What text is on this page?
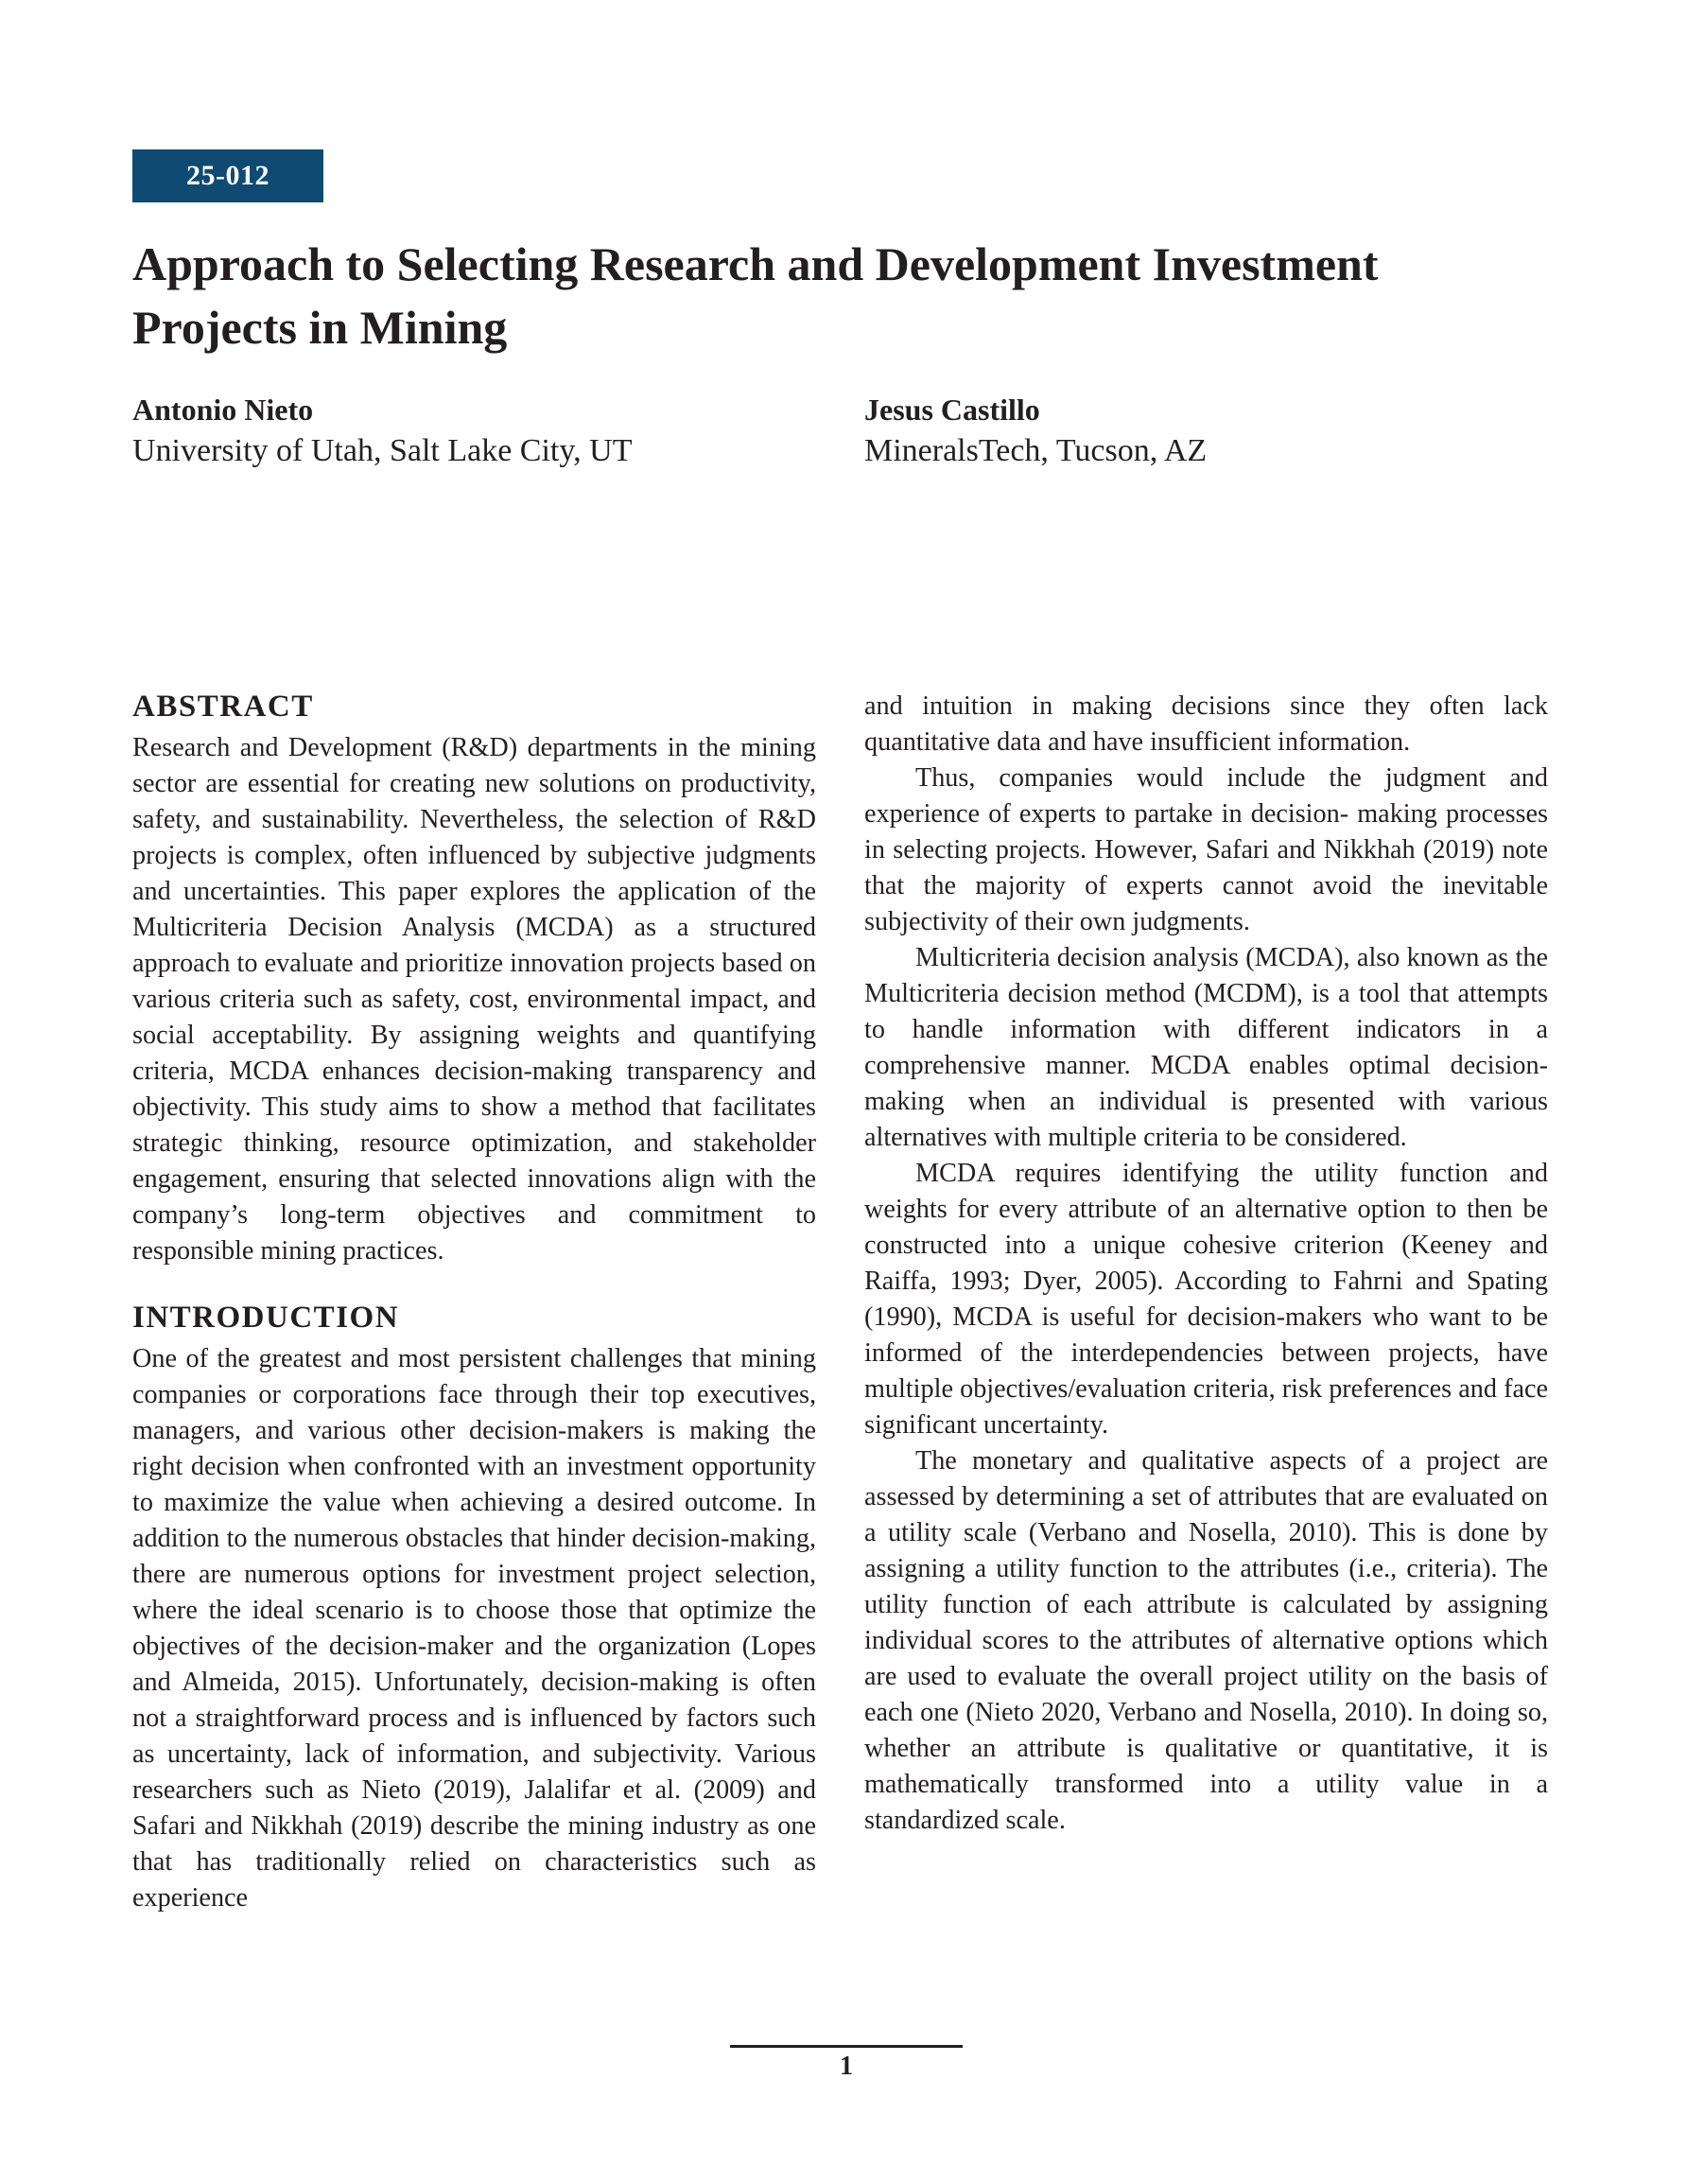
25-012
Approach to Selecting Research and Development Investment Projects in Mining
Antonio Nieto
University of Utah, Salt Lake City, UT
Jesus Castillo
MineralsTech, Tucson, AZ
ABSTRACT

Research and Development (R&D) departments in the mining sector are essential for creating new solutions on productivity, safety, and sustainability. Nevertheless, the selection of R&D projects is complex, often influenced by subjective judgments and uncertainties. This paper explores the application of the Multicriteria Decision Analysis (MCDA) as a structured approach to evaluate and prioritize innovation projects based on various criteria such as safety, cost, environmental impact, and social acceptability. By assigning weights and quantifying criteria, MCDA enhances decision-making transparency and objectivity. This study aims to show a method that facilitates strategic thinking, resource optimization, and stakeholder engagement, ensuring that selected innovations align with the company’s long-term objectives and commitment to responsible mining practices.

INTRODUCTION

One of the greatest and most persistent challenges that mining companies or corporations face through their top executives, managers, and various other decision-makers is making the right decision when confronted with an investment opportunity to maximize the value when achieving a desired outcome. In addition to the numerous obstacles that hinder decision-making, there are numerous options for investment project selection, where the ideal scenario is to choose those that optimize the objectives of the decision-maker and the organization (Lopes and Almeida, 2015). Unfortunately, decision-making is often not a straightforward process and is influenced by factors such as uncertainty, lack of information, and subjectivity. Various researchers such as Nieto (2019), Jalalifar et al. (2009) and Safari and Nikkhah (2019) describe the mining industry as one that has traditionally relied on characteristics such as experience

and intuition in making decisions since they often lack quantitative data and have insufficient information.

Thus, companies would include the judgment and experience of experts to partake in decision- making processes in selecting projects. However, Safari and Nikkhah (2019) note that the majority of experts cannot avoid the inevitable subjectivity of their own judgments.

Multicriteria decision analysis (MCDA), also known as the Multicriteria decision method (MCDM), is a tool that attempts to handle information with different indicators in a comprehensive manner. MCDA enables optimal decision-making when an individual is presented with various alternatives with multiple criteria to be considered.

MCDA requires identifying the utility function and weights for every attribute of an alternative option to then be constructed into a unique cohesive criterion (Keeney and Raiffa, 1993; Dyer, 2005). According to Fahrni and Spating (1990), MCDA is useful for decision-makers who want to be informed of the interdependencies between projects, have multiple objectives/evaluation criteria, risk preferences and face significant uncertainty.

The monetary and qualitative aspects of a project are assessed by determining a set of attributes that are evaluated on a utility scale (Verbano and Nosella, 2010). This is done by assigning a utility function to the attributes (i.e., criteria). The utility function of each attribute is calculated by assigning individual scores to the attributes of alternative options which are used to evaluate the overall project utility on the basis of each one (Nieto 2020, Verbano and Nosella, 2010). In doing so, whether an attribute is qualitative or quantitative, it is mathematically transformed into a utility value in a standardized scale.

1
